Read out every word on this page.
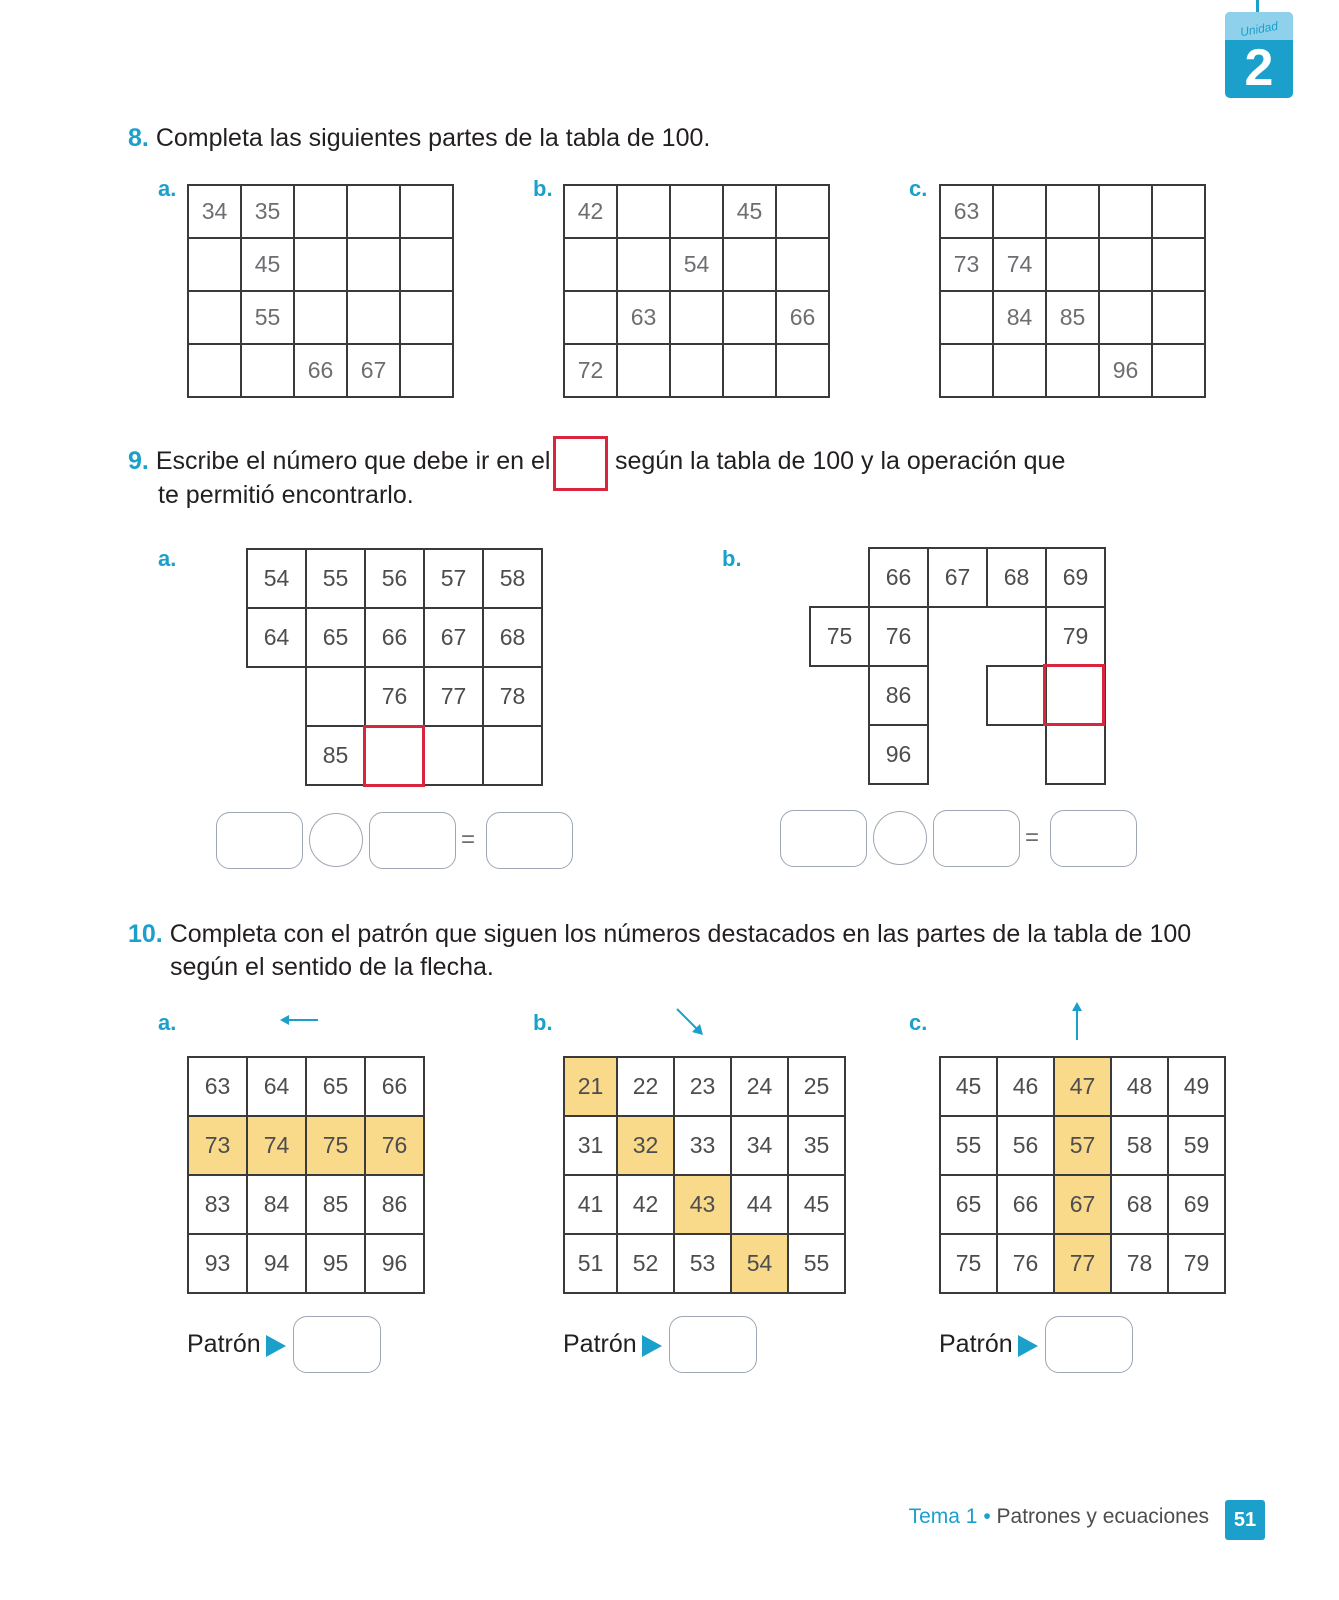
Unidad
2
8. Completa las siguientes partes de la tabla de 100.
a.	b.	c.
34	35			
	45			
	55			
		66	67	
42			45	
		54		
	63			66
72				
63				
73	74			
	84	85		
			96	
9. Escribe el número que debe ir en el	según la tabla de 100 y la operación que
te permitió encontrarlo.
a.	b.
54	55	56	57	58
64	65	66	67	68
		76	77	78
	85			
	66	67	68	69
75	76			79
	86			
	96			
=	=
10. Completa con el patrón que siguen los números destacados en las partes de la tabla de 100
según el sentido de la flecha.
a.	b.	c.
63	64	65	66
73	74	75	76
83	84	85	86
93	94	95	96
21	22	23	24	25
31	32	33	34	35
41	42	43	44	45
51	52	53	54	55
45	46	47	48	49
55	56	57	58	59
65	66	67	68	69
75	76	77	78	79
Patrón	Patrón	Patrón
Tema 1 • Patrones y ecuaciones	51
